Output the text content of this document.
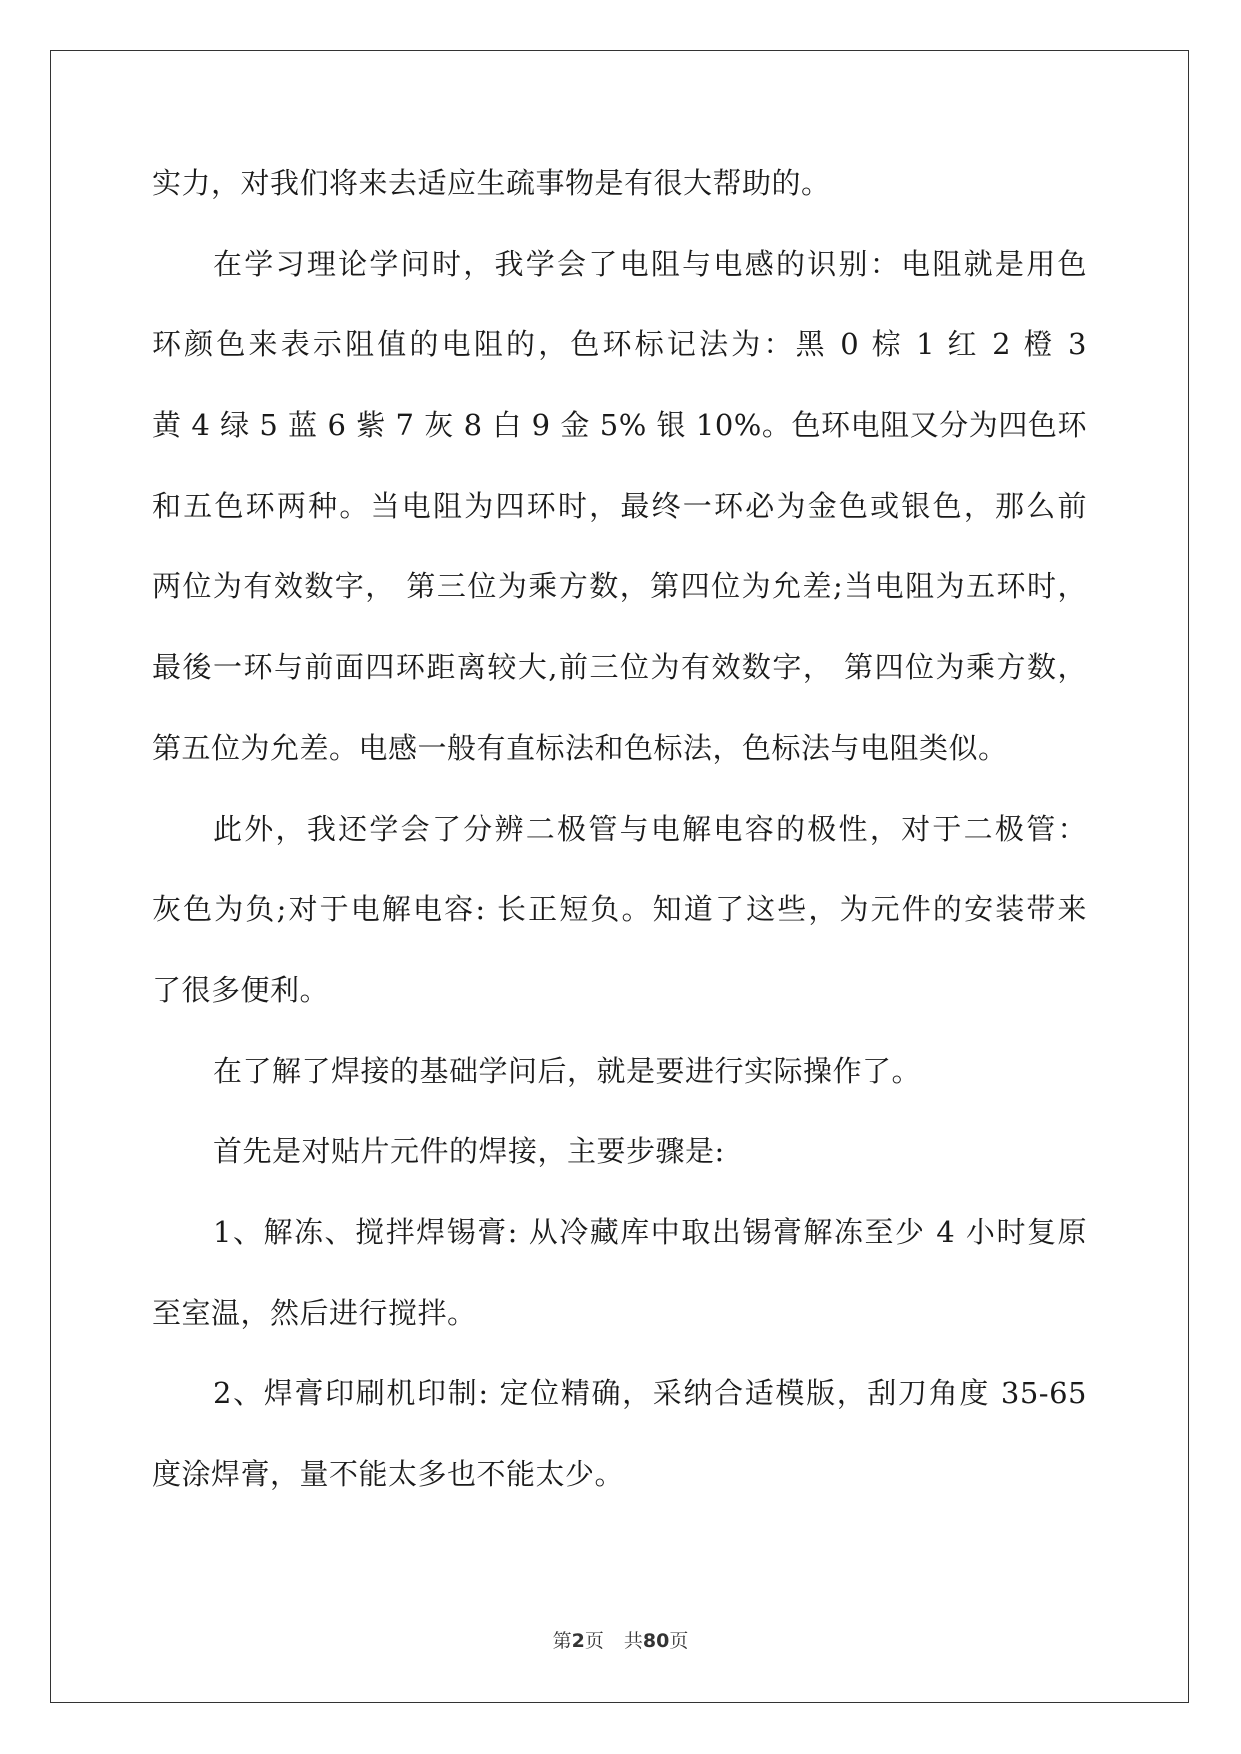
实力，对我们将来去适应生疏事物是有很大帮助的。
在学习理论学问时，我学会了电阻与电感的识别：电阻就是用色
环颜色来表示阻值的电阻的，色环标记法为：黑 0 棕 1 红 2 橙 3
黄 4 绿 5 蓝 6 紫 7 灰 8 白 9 金 5% 银 10%。色环电阻又分为四色环
和五色环两种。当电阻为四环时，最终一环必为金色或银色，那么前
两位为有效数字， 第三位为乘方数，第四位为允差;当电阻为五环时，
最後一环与前面四环距离较大,前三位为有效数字， 第四位为乘方数，
第五位为允差。电感一般有直标法和色标法，色标法与电阻类似。
此外，我还学会了分辨二极管与电解电容的极性，对于二极管：
灰色为负;对于电解电容: 长正短负。知道了这些，为元件的安装带来
了很多便利。
在了解了焊接的基础学问后，就是要进行实际操作了。
首先是对贴片元件的焊接，主要步骤是:
1、解冻、搅拌焊锡膏: 从冷藏库中取出锡膏解冻至少 4 小时复原
至室温，然后进行搅拌。
2、焊膏印刷机印制: 定位精确，采纳合适模版，刮刀角度 35-65
度涂焊膏，量不能太多也不能太少。
第2页 共80页
